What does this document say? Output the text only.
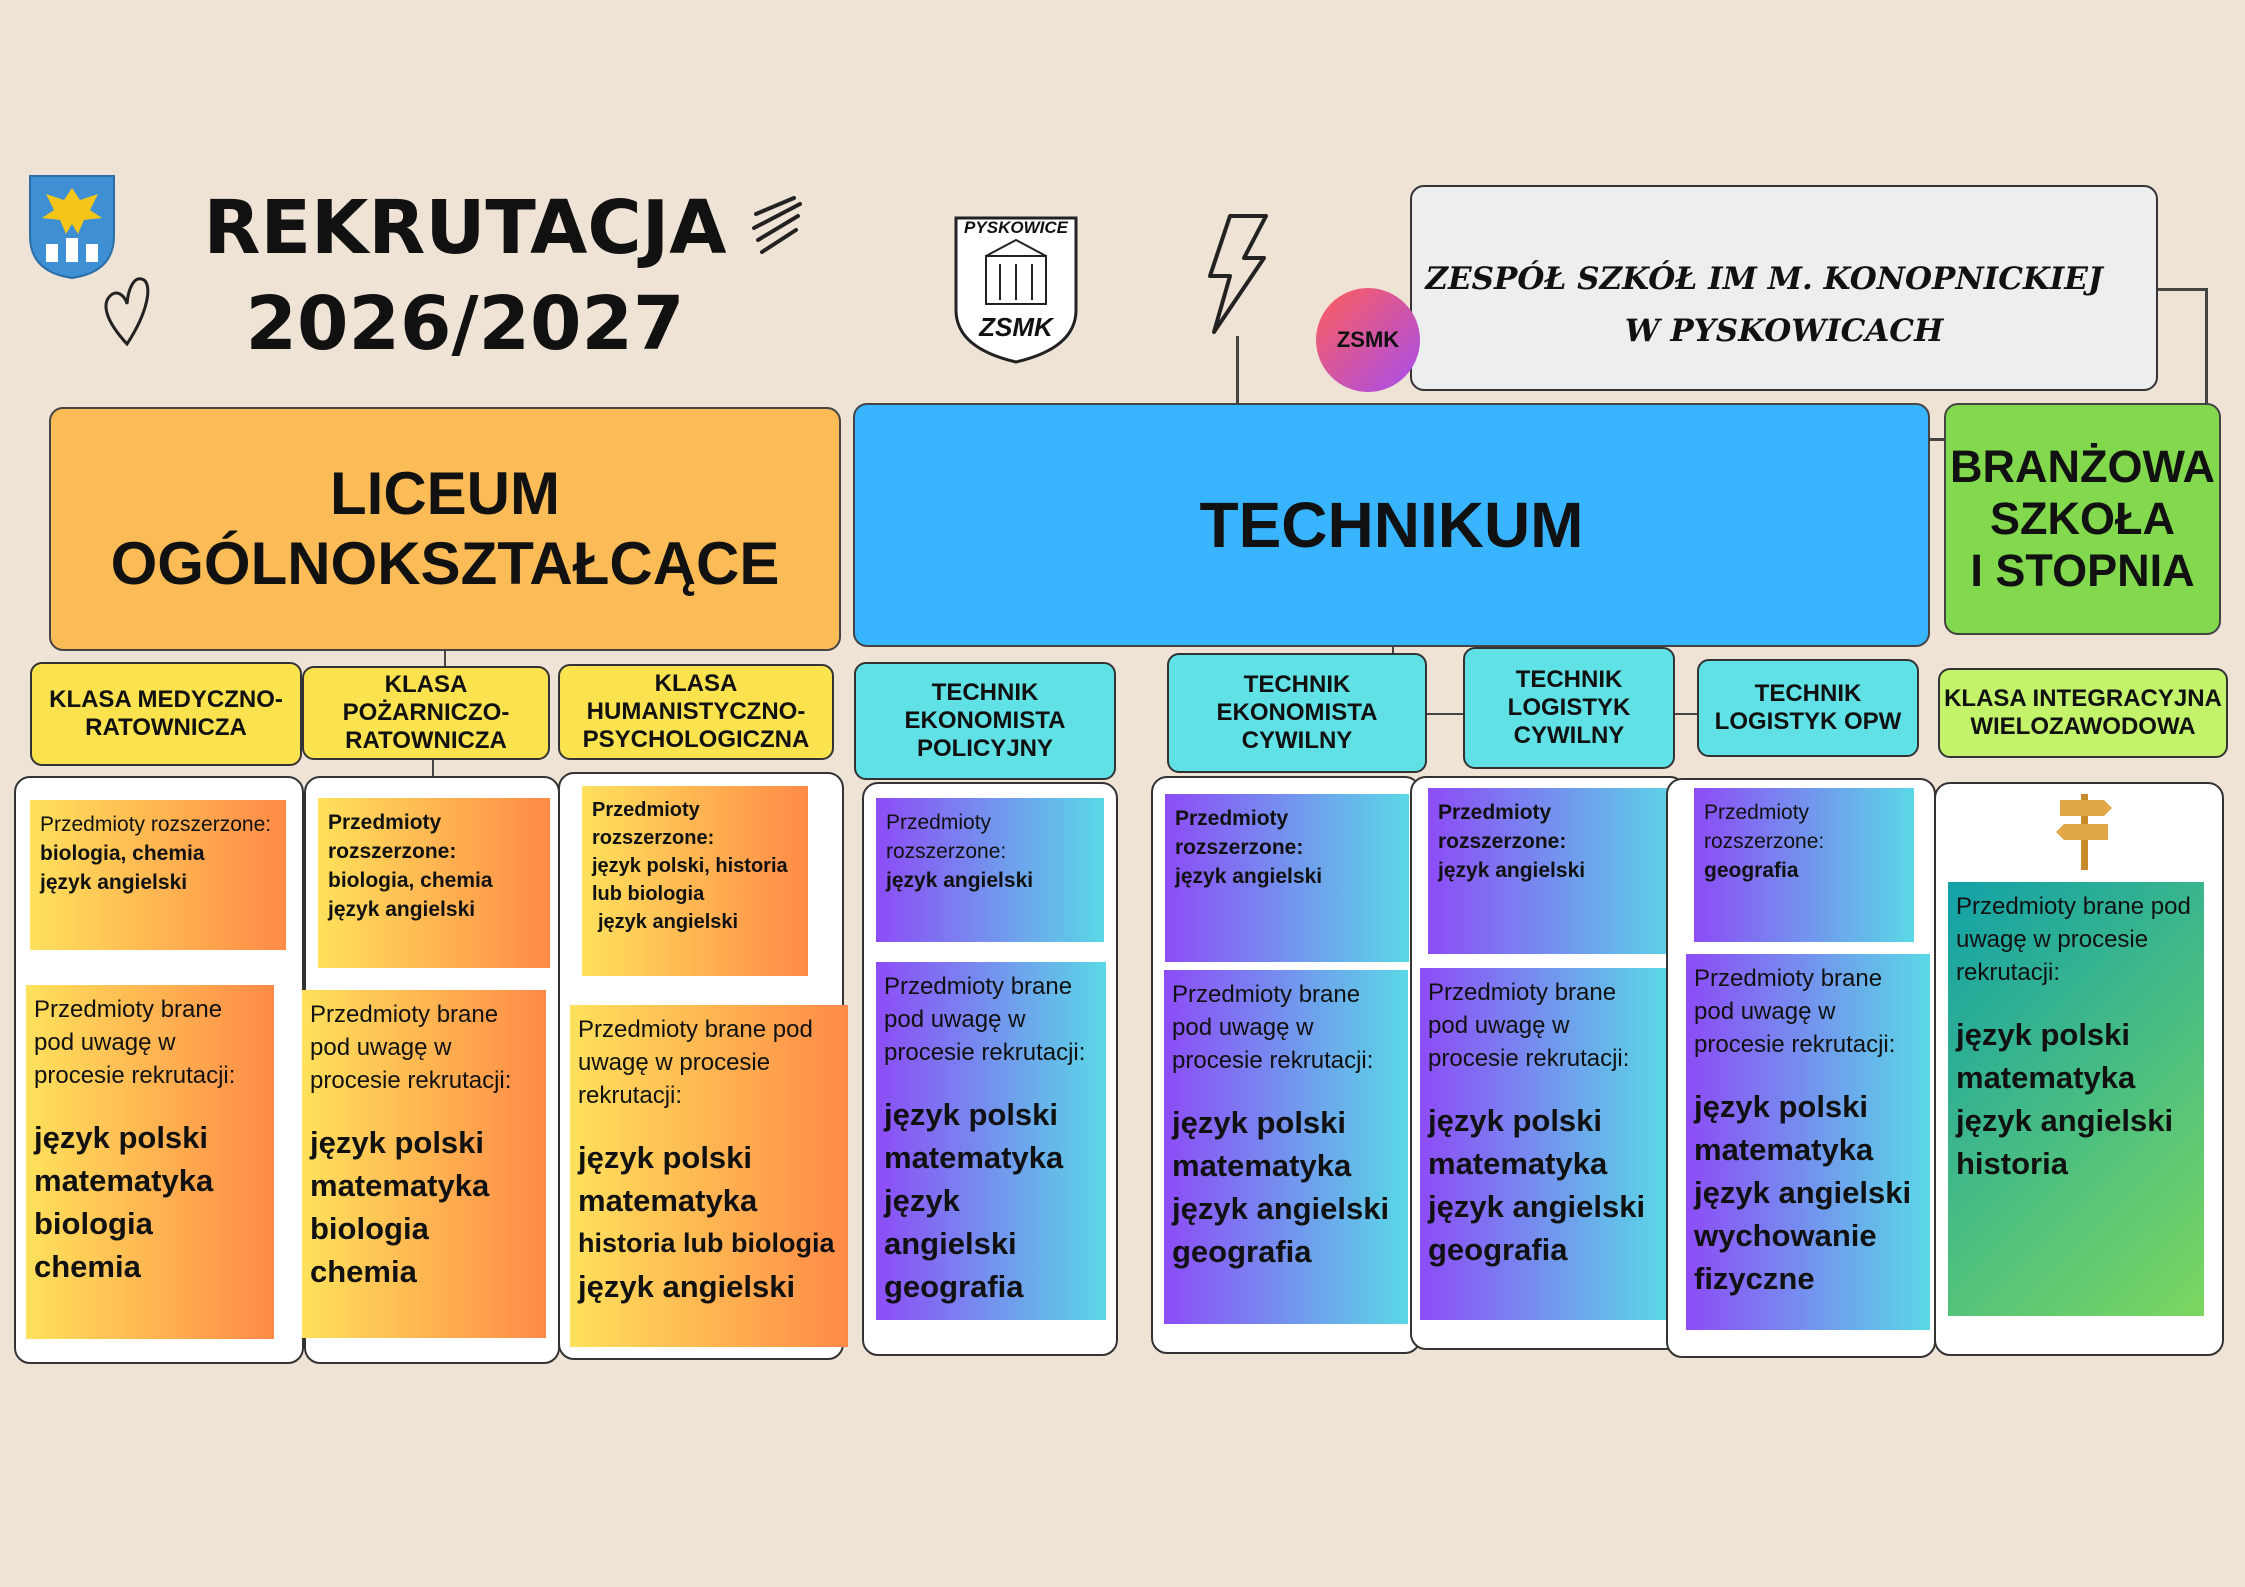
REKRUTACJA
2026/2027
PYSKOWICE
ZSMK
ZESPÓŁ SZKÓŁ IM M. KONOPNICKIEJ
W PYSKOWICACH
ZSMK
LICEUM
OGÓLNOKSZTAŁCĄCE
TECHNIKUM
BRANŻOWA
SZKOŁA
I STOPNIA
KLASA MEDYCZNO-
RATOWNICZA
Przedmioty rozszerzone:
biologia, chemia
język angielski
Przedmioty brane pod uwagę w procesie rekrutacji:
język polski
matematyka
biologia
chemia
KLASA
POŻARNICZO-
RATOWNICZA
Przedmioty rozszerzone:
biologia, chemia
język angielski
Przedmioty brane pod uwagę w procesie rekrutacji:
język polski
matematyka
biologia
chemia
KLASA
HUMANISTYCZNO-
PSYCHOLOGICZNA
Przedmioty rozszerzone:
język polski, historia lub biologia
język angielski
Przedmioty brane pod uwagę w procesie rekrutacji:
język polski
matematyka
historia lub biologia
język angielski
TECHNIK
EKONOMISTA
POLICYJNY
Przedmioty rozszerzone:
język angielski
Przedmioty brane pod uwagę w procesie rekrutacji:
język polski
matematyka
język
angielski
geografia
TECHNIK
EKONOMISTA
CYWILNY
Przedmioty rozszerzone:
język angielski
Przedmioty brane pod uwagę w procesie rekrutacji:
język polski
matematyka
język angielski
geografia
TECHNIK
LOGISTYK
CYWILNY
Przedmioty rozszerzone:
język angielski
Przedmioty brane pod uwagę w procesie rekrutacji:
język polski
matematyka
język angielski
geografia
TECHNIK
LOGISTYK OPW
Przedmioty rozszerzone:
geografia
Przedmioty brane pod uwagę w procesie rekrutacji:
język polski
matematyka
język angielski
wychowanie
fizyczne
KLASA INTEGRACYJNA
WIELOZAWODOWA
Przedmioty brane pod uwagę w procesie rekrutacji:
język polski
matematyka
język angielski
historia
